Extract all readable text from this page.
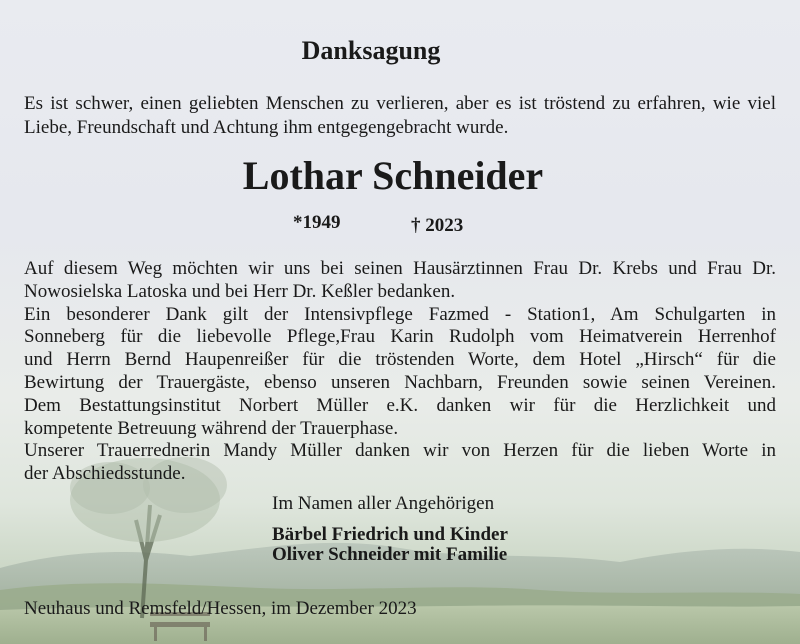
Danksagung
Es ist schwer, einen geliebten Menschen zu verlieren, aber es ist tröstend zu erfahren, wie viel Liebe, Freundschaft und Achtung ihm entgegengebracht wurde.
Lothar Schneider
*1949	† 2023
Auf diesem Weg möchten wir uns bei seinen Hausärztinnen Frau Dr. Krebs und Frau Dr.
Nowosielska Latoska und bei Herr Dr. Keßler bedanken.
Ein besonderer Dank gilt der Intensivpflege Fazmed - Station1, Am Schulgarten in
Sonneberg für die liebevolle Pflege,Frau Karin Rudolph vom Heimatverein Herrenhof
und Herrn Bernd Haupenreißer für die tröstenden Worte, dem Hotel „Hirsch“ für die
Bewirtung der Trauergäste, ebenso unseren Nachbarn, Freunden sowie seinen Vereinen.
Dem Bestattungsinstitut Norbert Müller e.K. danken wir für die Herzlichkeit und
kompetente Betreuung während der Trauerphase.
Unserer Trauerrednerin Mandy Müller danken wir von Herzen für die lieben Worte in
der Abschiedsstunde.
Im Namen aller Angehörigen
Bärbel Friedrich und Kinder
Oliver Schneider mit Familie
Neuhaus und Remsfeld/Hessen, im Dezember 2023
